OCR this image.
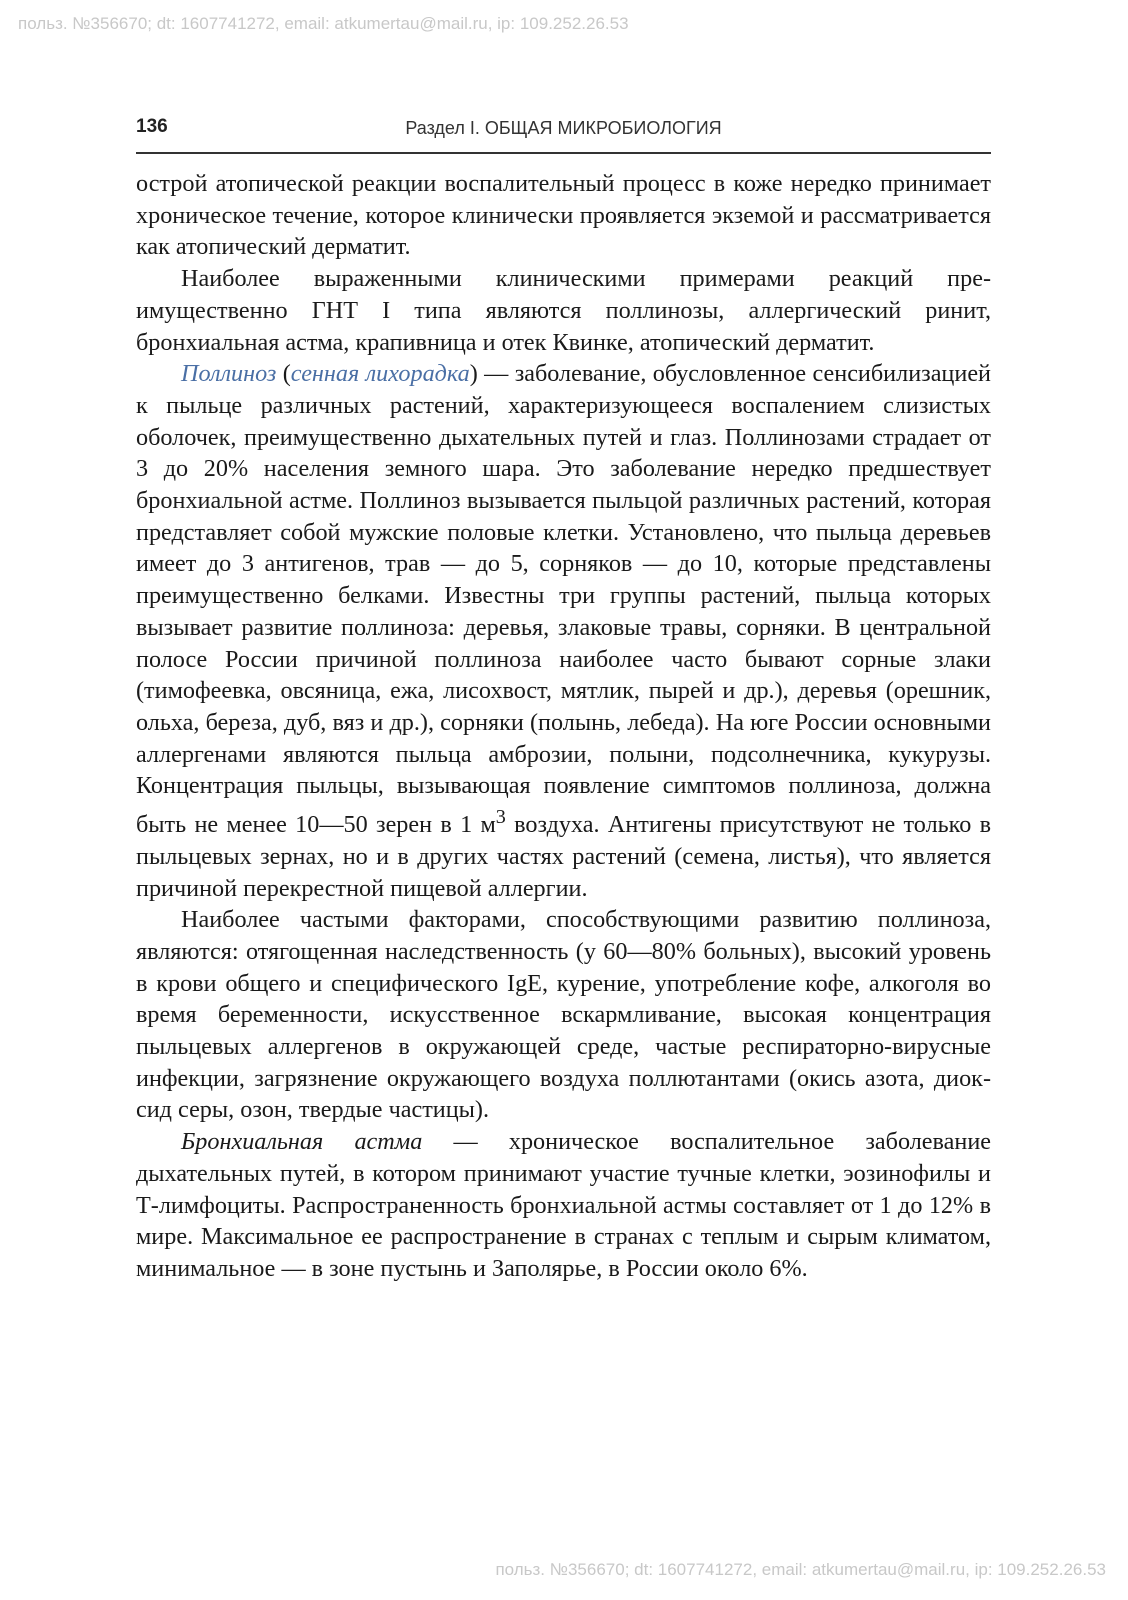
польз. №356670; dt: 1607741272, email: atkumertau@mail.ru, ip: 109.252.26.53
136	Раздел I. ОБЩАЯ МИКРОБИОЛОГИЯ

острой атопической реакции воспалительный процесс в коже нередко принимает хроническое течение, которое клинически проявляется экземой и рассматривается как атопический дерматит.

Наиболее выраженными клиническими примерами реакций преимущественно ГНТ I типа являются поллинозы, аллергический ринит, бронхиальная астма, крапивница и отек Квинке, атопический дерматит.

Поллиноз (сенная лихорадка) — заболевание, обусловленное сенсибилизацией к пыльце различных растений, характеризующееся воспалением слизистых оболочек, преимущественно дыхательных путей и глаз. Поллинозами страдает от 3 до 20% населения земного шара. Это заболевание нередко предшествует бронхиальной астме. Поллиноз вызывается пыльцой различных растений, которая представляет собой мужские половые клетки. Установлено, что пыльца деревьев имеет до 3 антигенов, трав — до 5, сорняков — до 10, которые представлены преимущественно белками. Известны три группы растений, пыльца которых вызывает развитие поллиноза: деревья, злаковые травы, сорняки. В центральной полосе России причиной поллиноза наиболее часто бывают сорные злаки (тимофеевка, овсяница, ежа, лисохвост, мятлик, пырей и др.), деревья (орешник, ольха, береза, дуб, вяз и др.), сорняки (полынь, лебеда). На юге России основными аллергенами являются пыльца амброзии, полыни, подсолнечника, кукурузы. Концентрация пыльцы, вызывающая появление симптомов поллиноза, должна быть не менее 10—50 зерен в 1 $м^3$ воздуха. Антигены присутствуют не только в пыльцевых зернах, но и в других частях растений (семена, листья), что является причиной перекрестной пищевой аллергии.

Наиболее частыми факторами, способствующими развитию поллиноза, являются: отягощенная наследственность (у 60—80% больных), высокий уровень в крови общего и специфического IgE, курение, употребление кофе, алкоголя во время беременности, искусственное вскармливание, высокая концентрация пыльцевых аллергенов в окружающей среде, частые респираторно-вирусные инфекции, загрязнение окружающего воздуха поллютантами (окись азота, диоксид серы, озон, твердые частицы).

Бронхиальная астма — хроническое воспалительное заболевание дыхательных путей, в котором принимают участие тучные клетки, эозинофилы и Т-лимфоциты. Распространенность бронхиальной астмы составляет от 1 до 12% в мире. Максимальное ее распространение в странах с теплым и сырым климатом, минимальное — в зоне пустынь и Заполярье, в России около 6%.

польз. №356670; dt: 1607741272, email: atkumertau@mail.ru, ip: 109.252.26.53
